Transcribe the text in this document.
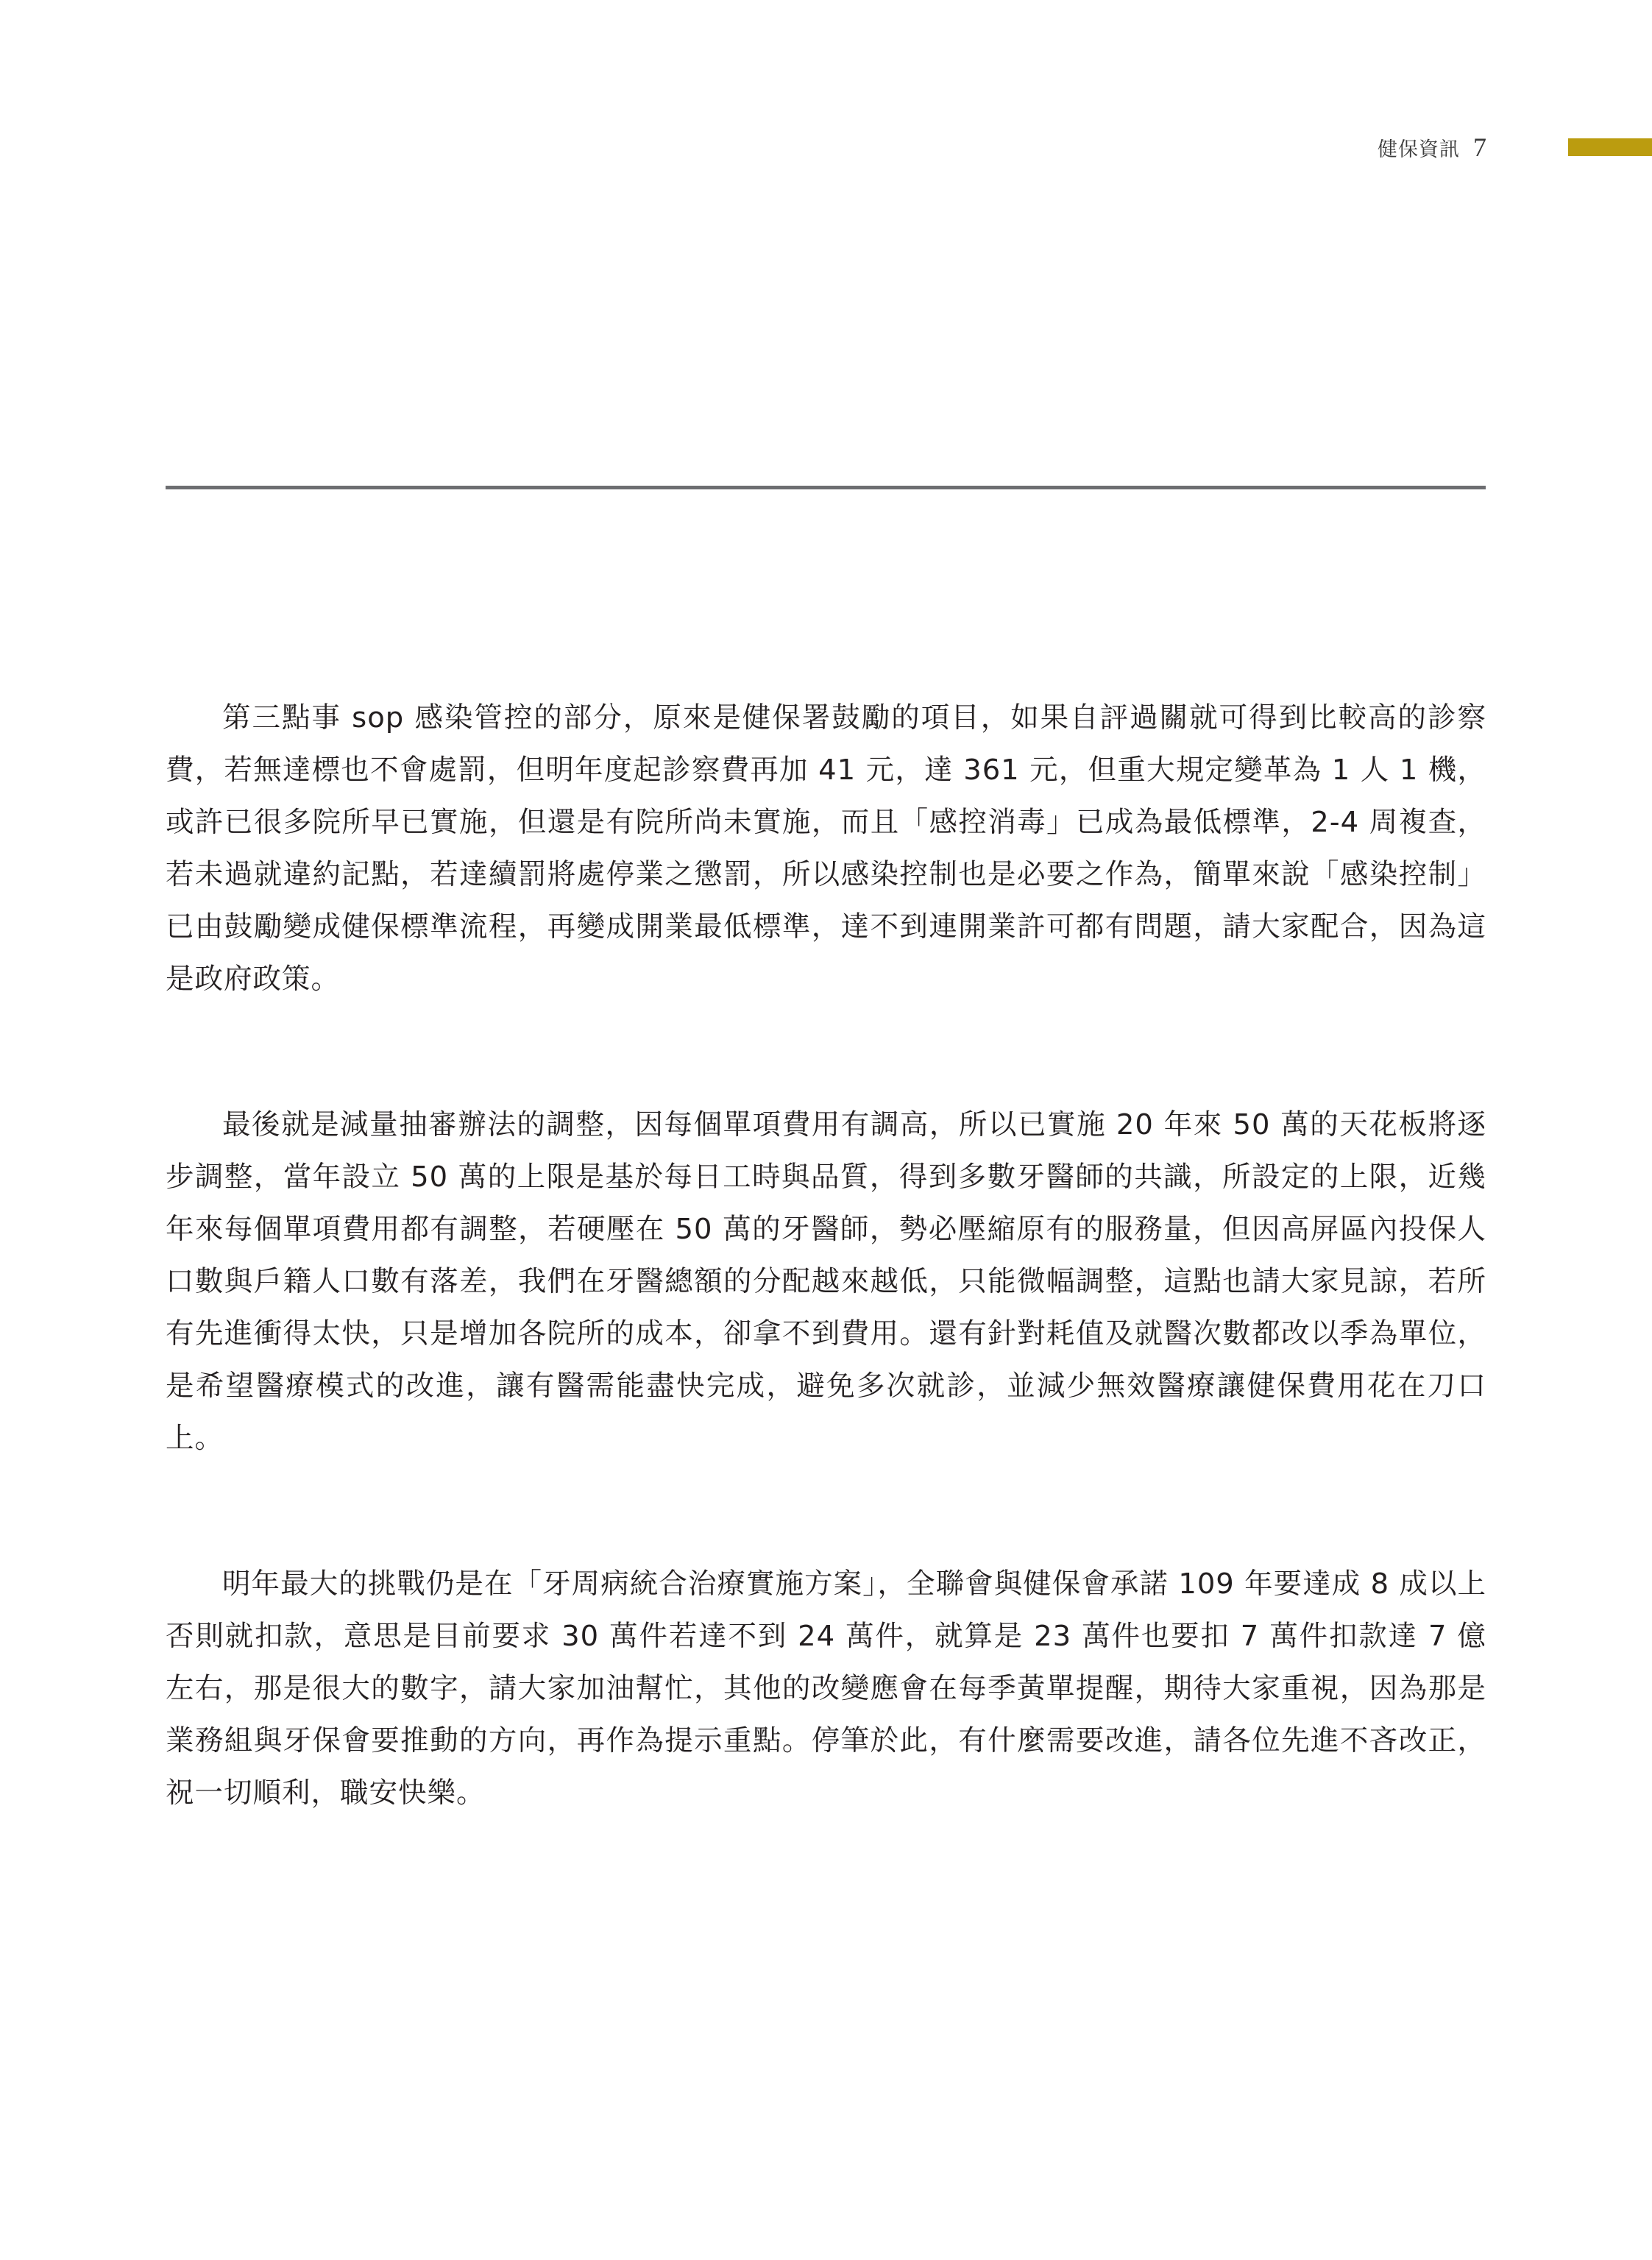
健保資訊 7

第三點事 sop 感染管控的部分，原來是健保署鼓勵的項目，如果自評過關就可得到比較高的診察費，若無達標也不會處罰，但明年度起診察費再加 41 元，達 361 元，但重大規定變革為 1 人 1 機，或許已很多院所早已實施，但還是有院所尚未實施，而且「感控消毒」已成為最低標準，2-4 周複查，若未過就違約記點，若達續罰將處停業之懲罰，所以感染控制也是必要之作為，簡單來說「感染控制」已由鼓勵變成健保標準流程，再變成開業最低標準，達不到連開業許可都有問題，請大家配合，因為這是政府政策。

最後就是減量抽審辦法的調整，因每個單項費用有調高，所以已實施 20 年來 50 萬的天花板將逐步調整，當年設立 50 萬的上限是基於每日工時與品質，得到多數牙醫師的共識，所設定的上限，近幾年來每個單項費用都有調整，若硬壓在 50 萬的牙醫師，勢必壓縮原有的服務量，但因高屏區內投保人口數與戶籍人口數有落差，我們在牙醫總額的分配越來越低，只能微幅調整，這點也請大家見諒，若所有先進衝得太快，只是增加各院所的成本，卻拿不到費用。還有針對耗值及就醫次數都改以季為單位，是希望醫療模式的改進，讓有醫需能盡快完成，避免多次就診，並減少無效醫療讓健保費用花在刀口上。

明年最大的挑戰仍是在「牙周病統合治療實施方案」，全聯會與健保會承諾 109 年要達成 8 成以上否則就扣款，意思是目前要求 30 萬件若達不到 24 萬件，就算是 23 萬件也要扣 7 萬件扣款達 7 億左右，那是很大的數字，請大家加油幫忙，其他的改變應會在每季黃單提醒，期待大家重視，因為那是業務組與牙保會要推動的方向，再作為提示重點。停筆於此，有什麼需要改進，請各位先進不吝改正，祝一切順利，職安快樂。
